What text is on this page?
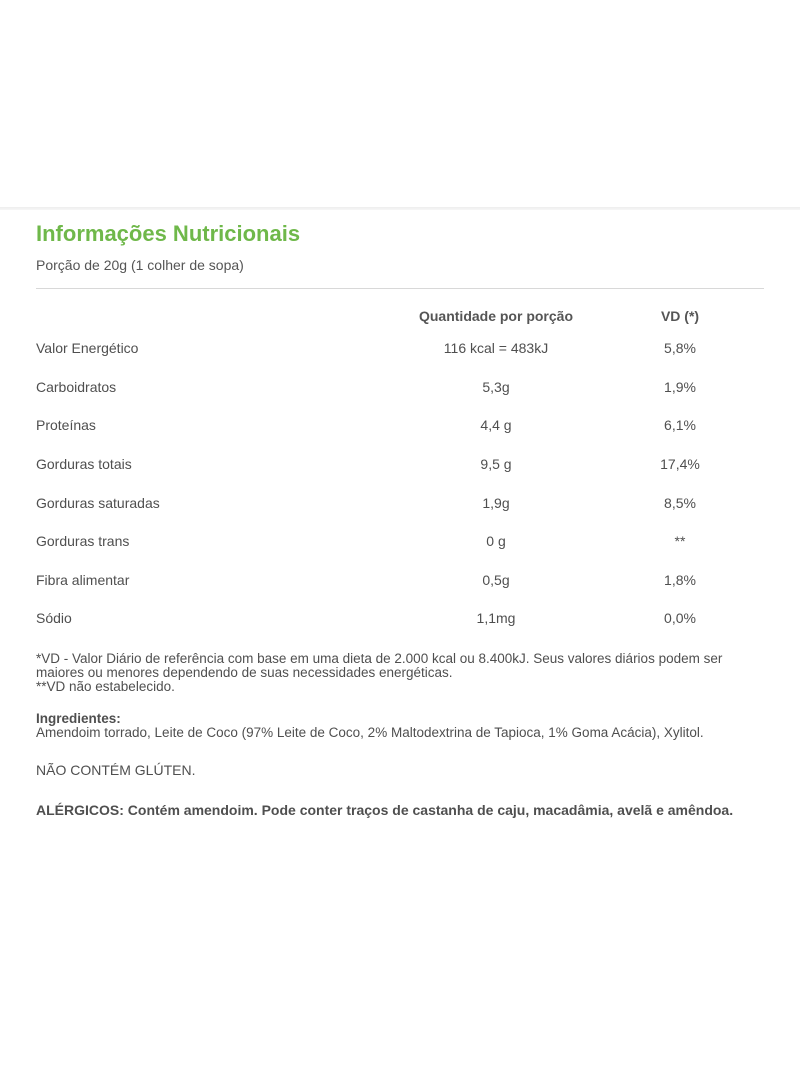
Informações Nutricionais
Porção de 20g (1 colher de sopa)
	Quantidade por porção	VD (*)
Valor Energético	116 kcal = 483kJ	5,8%
Carboidratos	5,3g	1,9%
Proteínas	4,4 g	6,1%
Gorduras totais	9,5 g	17,4%
Gorduras saturadas	1,9g	8,5%
Gorduras trans	0 g	**
Fibra alimentar	0,5g	1,8%
Sódio	1,1mg	0,0%
*VD - Valor Diário de referência com base em uma dieta de 2.000 kcal ou 8.400kJ. Seus valores diários podem ser maiores ou menores dependendo de suas necessidades energéticas.
**VD não estabelecido.
Ingredientes:
Amendoim torrado, Leite de Coco (97% Leite de Coco, 2% Maltodextrina de Tapioca, 1% Goma Acácia), Xylitol.
NÃO CONTÉM GLÚTEN.
ALÉRGICOS: Contém amendoim. Pode conter traços de castanha de caju, macadâmia, avelã e amêndoa.
